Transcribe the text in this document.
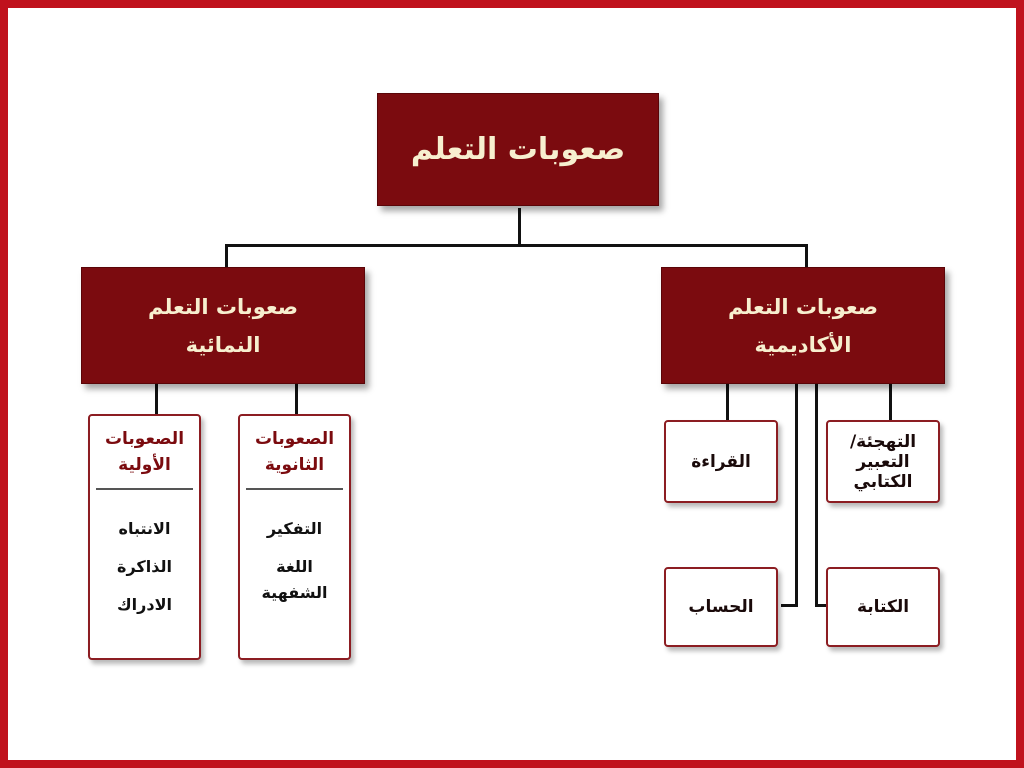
صعوبات التعلم
صعوبات التعلم
النمائية
صعوبات التعلم
الأكاديمية
الصعوبات
الأولية
الانتباه
الذاكرة
الادراك
الصعوبات
الثانوية
التفكير
اللغة الشفهية
القراءة
التهجئة/
التعبير
الكتابي
الحساب	الكتابة
